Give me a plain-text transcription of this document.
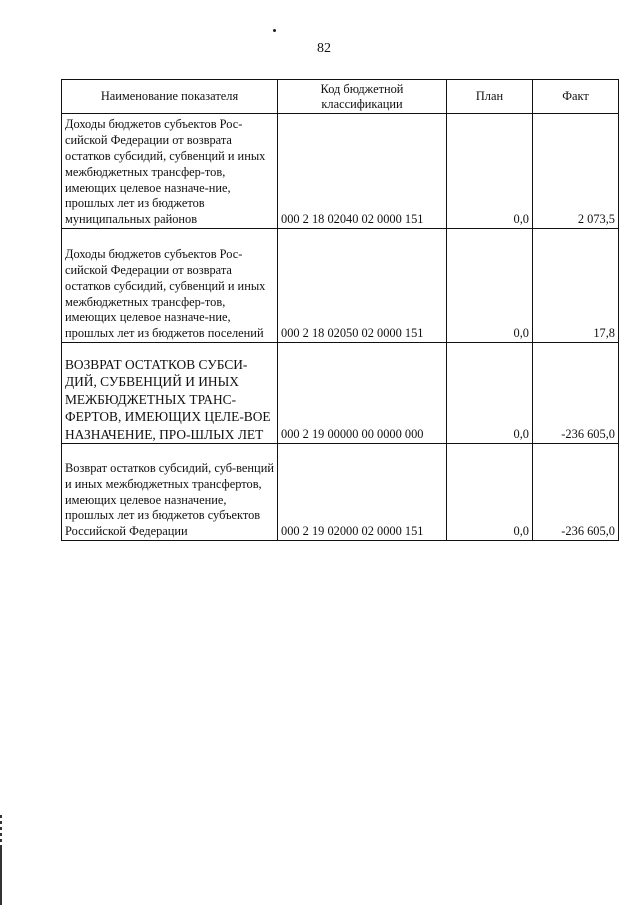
82
Наименование показателя	Код бюджетной классификации	План	Факт
Доходы бюджетов субъектов Рос-сийской Федерации от возврата остатков субсидий, субвенций и иных межбюджетных трансфер-тов, имеющих целевое назначе-ние, прошлых лет из бюджетов муниципальных районов	000 2 18 02040 02 0000 151	0,0	2 073,5
Доходы бюджетов субъектов Рос-сийской Федерации от возврата остатков субсидий, субвенций и иных межбюджетных трансфер-тов, имеющих целевое назначе-ние, прошлых лет из бюджетов поселений	000 2 18 02050 02 0000 151	0,0	17,8
ВОЗВРАТ ОСТАТКОВ СУБСИ-ДИЙ, СУБВЕНЦИЙ И ИНЫХ МЕЖБЮДЖЕТНЫХ ТРАНС-ФЕРТОВ, ИМЕЮЩИХ ЦЕЛЕ-ВОЕ НАЗНАЧЕНИЕ, ПРО-ШЛЫХ ЛЕТ	000 2 19 00000 00 0000 000	0,0	-236 605,0
Возврат остатков субсидий, суб-венций и иных межбюджетных трансфертов, имеющих целевое назначение, прошлых лет из бюджетов субъектов Российской Федерации	000 2 19 02000 02 0000 151	0,0	-236 605,0
